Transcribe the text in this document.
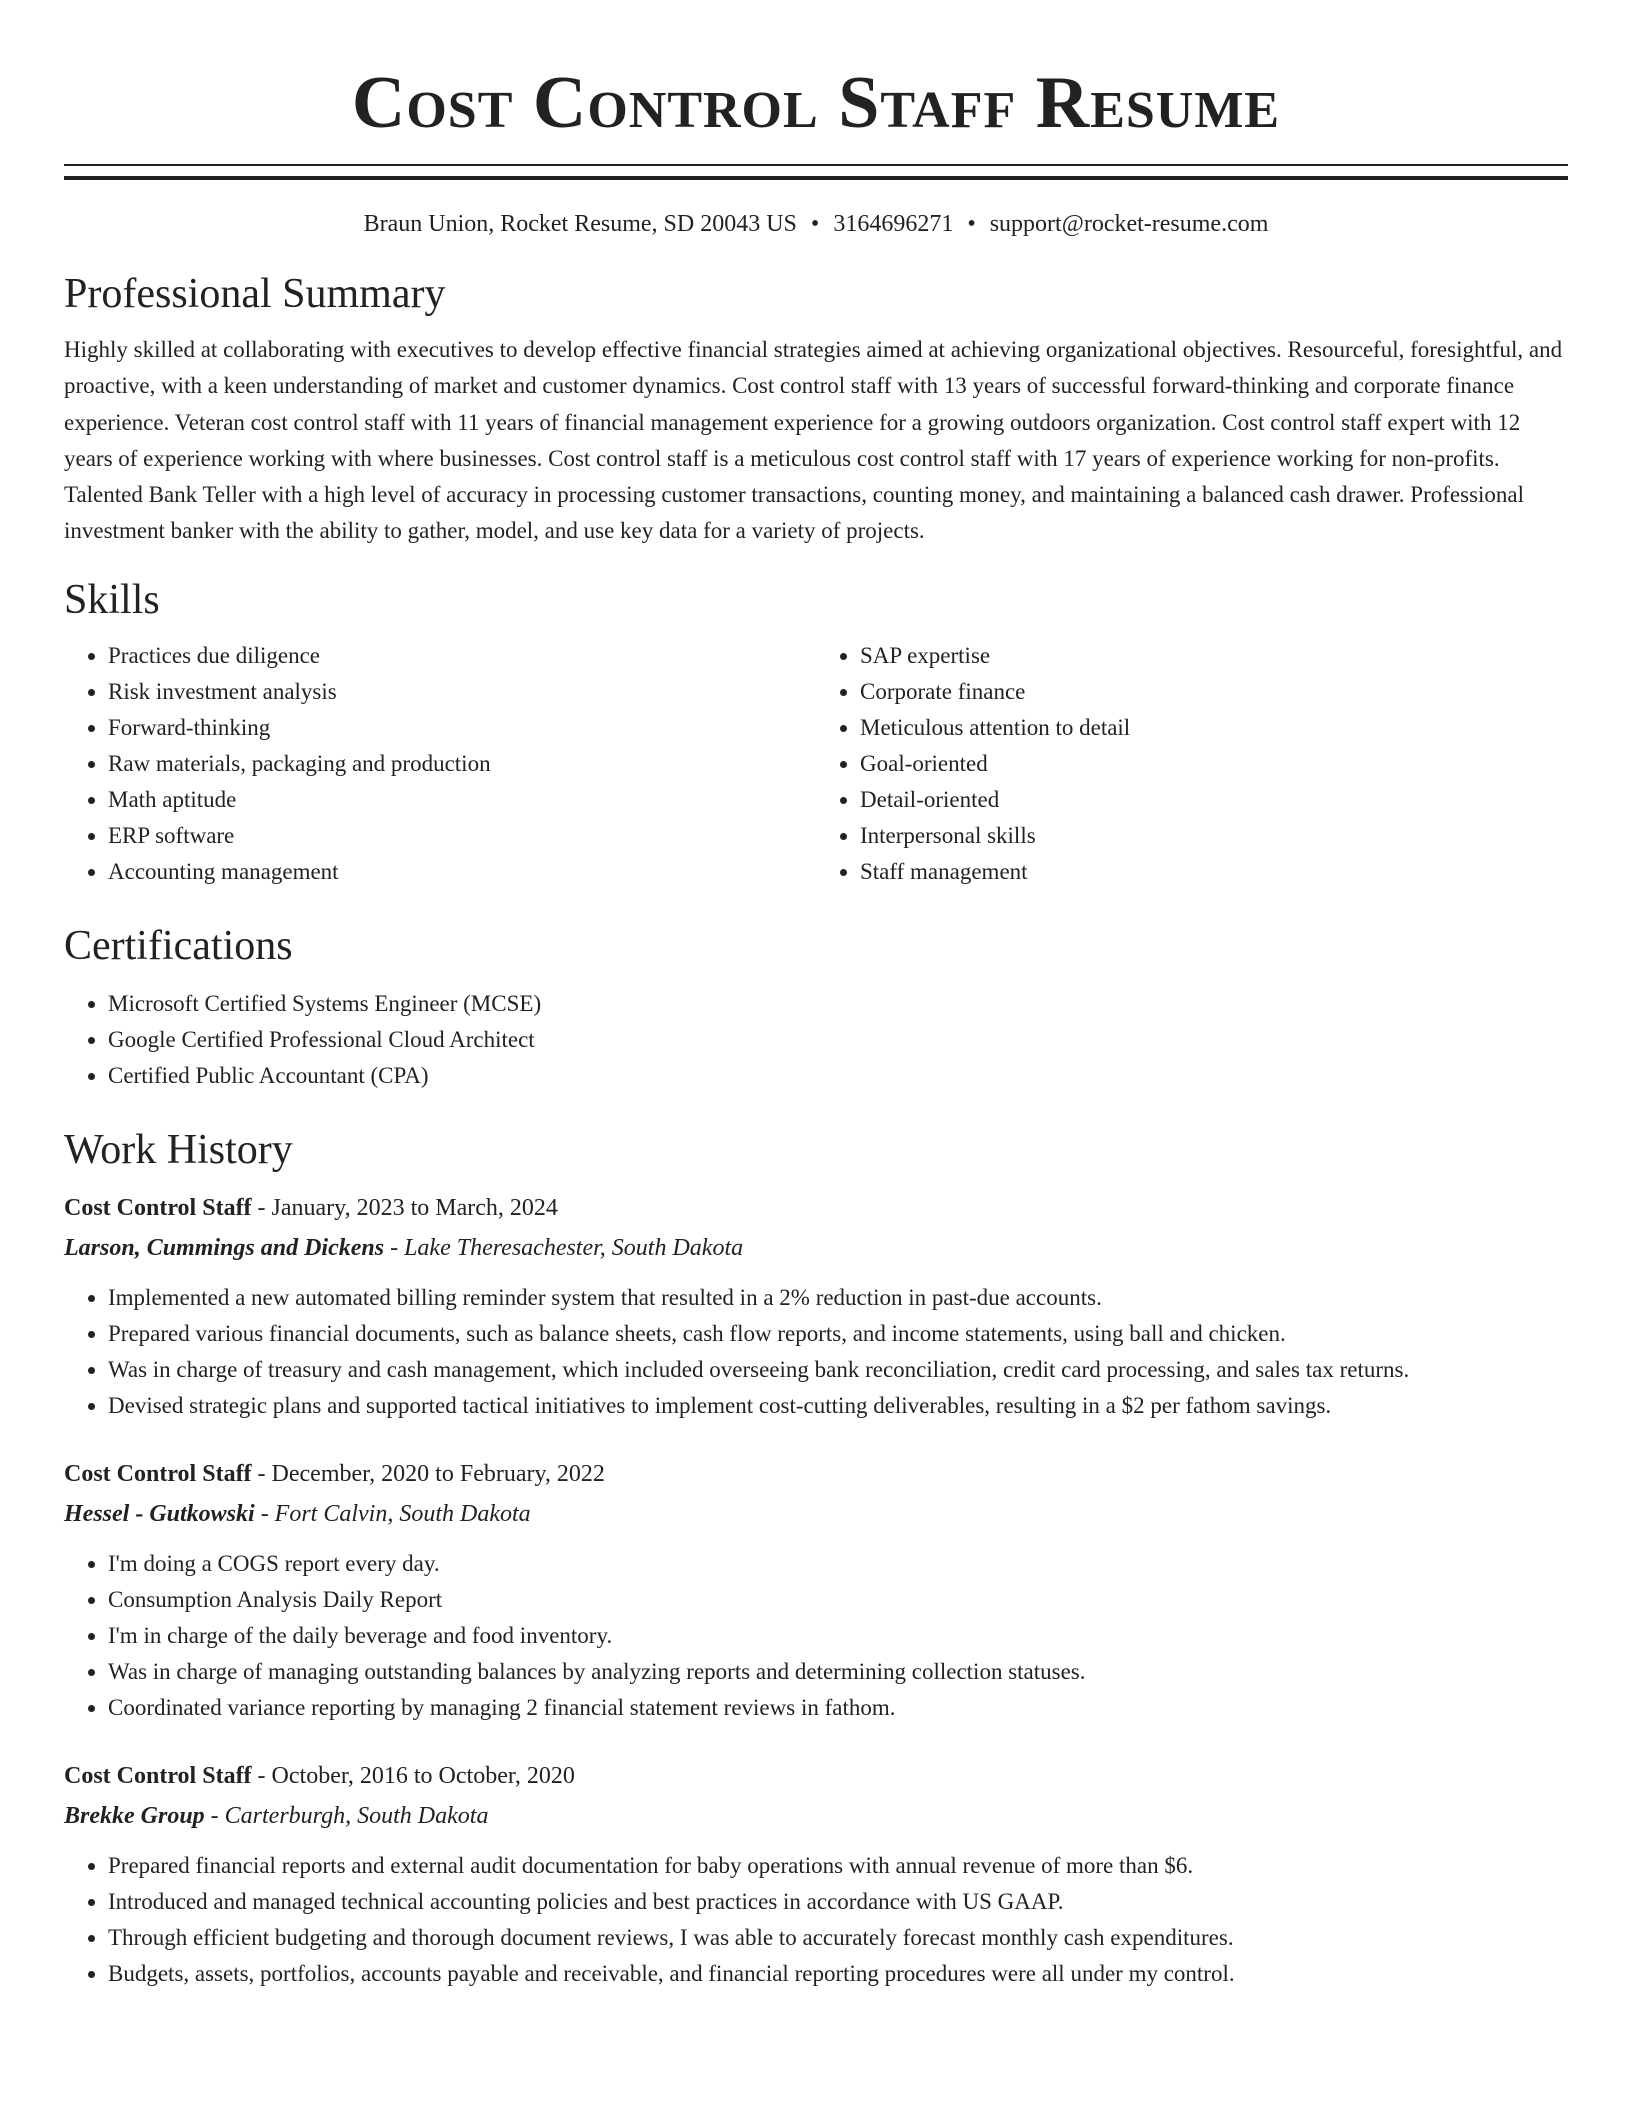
Cost Control Staff Resume
Braun Union, Rocket Resume, SD 20043 US • 3164696271 • support@rocket-resume.com
Professional Summary

Highly skilled at collaborating with executives to develop effective financial strategies aimed at achieving organizational objectives. Resourceful, foresightful, and proactive, with a keen understanding of market and customer dynamics. Cost control staff with 13 years of successful forward-thinking and corporate finance experience. Veteran cost control staff with 11 years of financial management experience for a growing outdoors organization. Cost control staff expert with 12 years of experience working with where businesses. Cost control staff is a meticulous cost control staff with 17 years of experience working for non-profits. Talented Bank Teller with a high level of accuracy in processing customer transactions, counting money, and maintaining a balanced cash drawer. Professional investment banker with the ability to gather, model, and use key data for a variety of projects.

Skills
• Practices due diligence
• Risk investment analysis
• Forward-thinking
• Raw materials, packaging and production
• Math aptitude
• ERP software
• Accounting management
• SAP expertise
• Corporate finance
• Meticulous attention to detail
• Goal-oriented
• Detail-oriented
• Interpersonal skills
• Staff management
Certifications
• Microsoft Certified Systems Engineer (MCSE)
• Google Certified Professional Cloud Architect
• Certified Public Accountant (CPA)
Work History
Cost Control Staff - January, 2023 to March, 2024
Larson, Cummings and Dickens - Lake Theresachester, South Dakota
• Implemented a new automated billing reminder system that resulted in a 2% reduction in past-due accounts.
• Prepared various financial documents, such as balance sheets, cash flow reports, and income statements, using ball and chicken.
• Was in charge of treasury and cash management, which included overseeing bank reconciliation, credit card processing, and sales tax returns.
• Devised strategic plans and supported tactical initiatives to implement cost-cutting deliverables, resulting in a $2 per fathom savings.
Cost Control Staff - December, 2020 to February, 2022
Hessel - Gutkowski - Fort Calvin, South Dakota
• I'm doing a COGS report every day.
• Consumption Analysis Daily Report
• I'm in charge of the daily beverage and food inventory.
• Was in charge of managing outstanding balances by analyzing reports and determining collection statuses.
• Coordinated variance reporting by managing 2 financial statement reviews in fathom.
Cost Control Staff - October, 2016 to October, 2020
Brekke Group - Carterburgh, South Dakota
• Prepared financial reports and external audit documentation for baby operations with annual revenue of more than $6.
• Introduced and managed technical accounting policies and best practices in accordance with US GAAP.
• Through efficient budgeting and thorough document reviews, I was able to accurately forecast monthly cash expenditures.
• Budgets, assets, portfolios, accounts payable and receivable, and financial reporting procedures were all under my control.
